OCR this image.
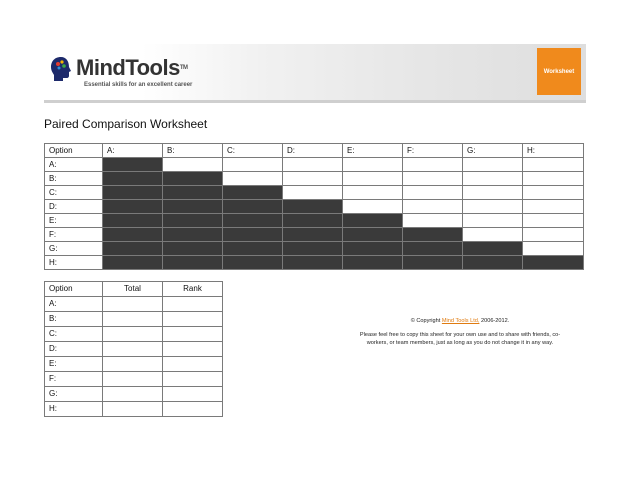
MindTools™
Essential skills for an excellent career
Worksheet
Paired Comparison Worksheet
Option	A:	B:	C:	D:	E:	F:	G:	H:
A:								
B:								
C:								
D:								
E:								
F:								
G:								
H:								
Option	Total	Rank
A:		
B:		
C:		
D:		
E:		
F:		
G:		
H:		
© Copyright Mind Tools Ltd, 2006-2012.
Please feel free to copy this sheet for your own use and to share with friends, co-workers, or team members, just as long as you do not change it in any way.
